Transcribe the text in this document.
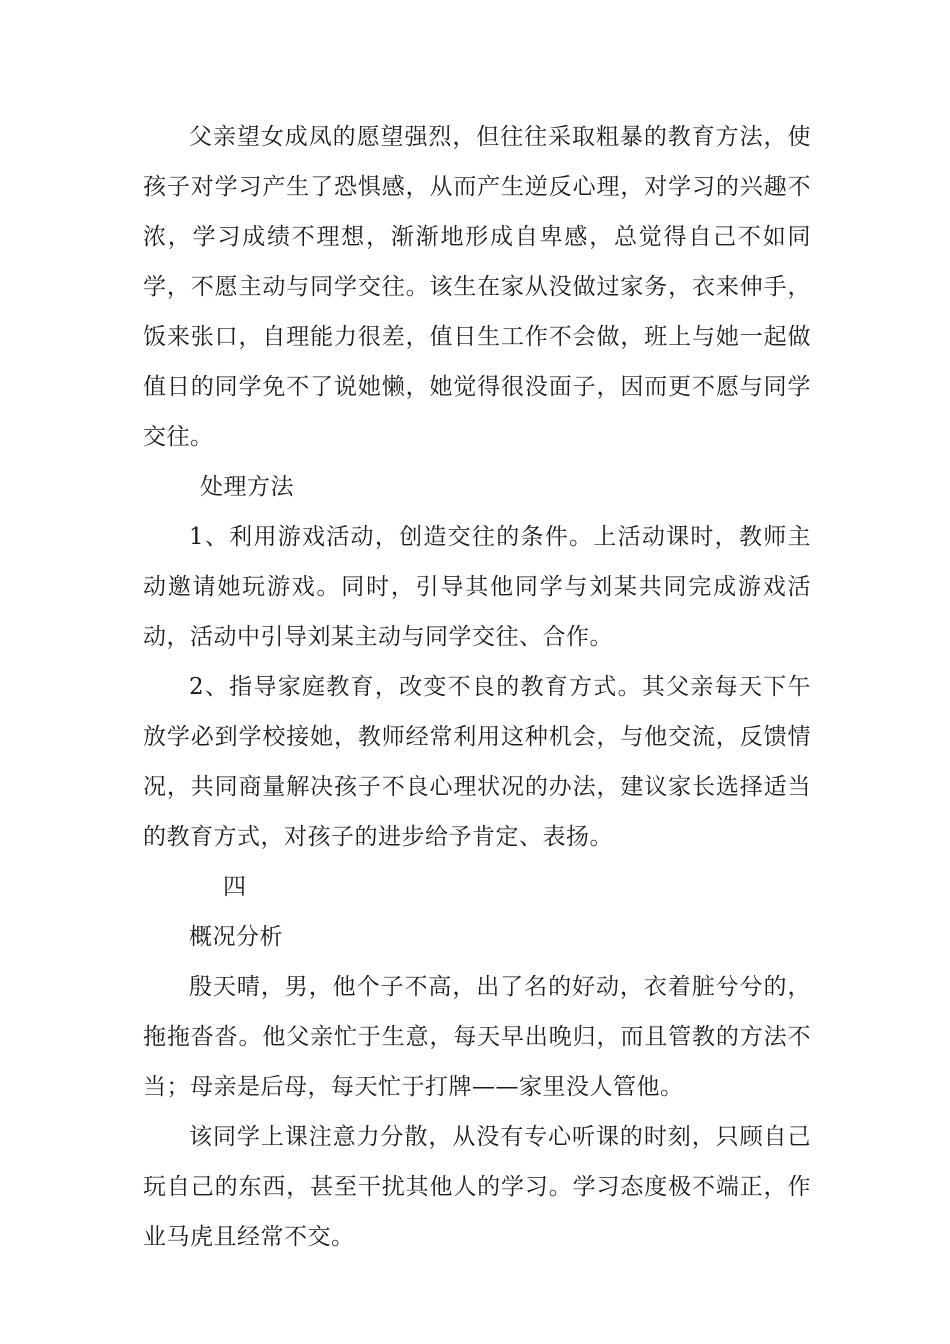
父亲望女成凤的愿望强烈，但往往采取粗暴的教育方法，使孩子对学习产生了恐惧感，从而产生逆反心理，对学习的兴趣不浓，学习成绩不理想，渐渐地形成自卑感，总觉得自己不如同学，不愿主动与同学交往。该生在家从没做过家务，衣来伸手，饭来张口，自理能力很差，值日生工作不会做，班上与她一起做值日的同学免不了说她懒，她觉得很没面子，因而更不愿与同学交往。

处理方法

1、利用游戏活动，创造交往的条件。上活动课时，教师主动邀请她玩游戏。同时，引导其他同学与刘某共同完成游戏活动，活动中引导刘某主动与同学交往、合作。

2、指导家庭教育，改变不良的教育方式。其父亲每天下午放学必到学校接她，教师经常利用这种机会，与他交流，反馈情况，共同商量解决孩子不良心理状况的办法，建议家长选择适当的教育方式，对孩子的进步给予肯定、表扬。

四

概况分析

殷天晴，男，他个子不高，出了名的好动，衣着脏兮兮的，拖拖沓沓。他父亲忙于生意，每天早出晚归，而且管教的方法不当；母亲是后母，每天忙于打牌——家里没人管他。

该同学上课注意力分散，从没有专心听课的时刻，只顾自己玩自己的东西，甚至干扰其他人的学习。学习态度极不端正，作业马虎且经常不交。
